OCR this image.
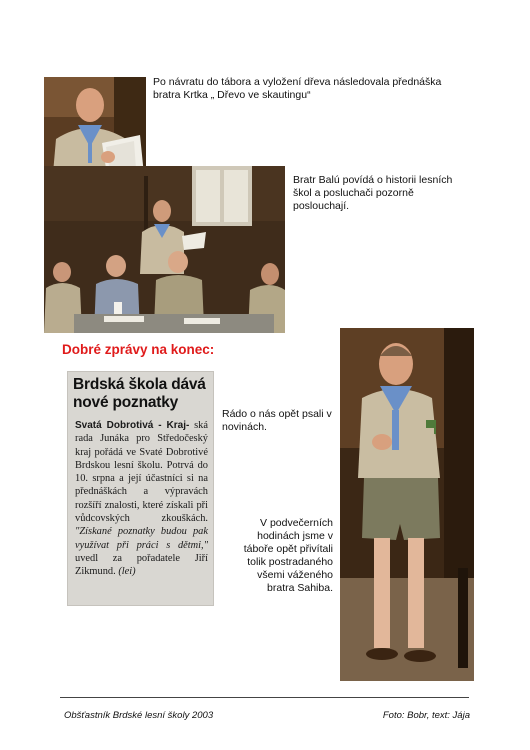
Po návratu do tábora a vyložení dřeva následovala přednáška bratra Krtka „ Dřevo ve skautingu“
Bratr Balú povídá o historii lesních škol a posluchači pozorně poslouchají.
Dobré zprávy na konec:
Brdská škola dává nové poznatky
Svatá Dobrotivá - Kraj- ská rada Junáka pro Středočeský kraj pořádá ve Svaté Dobrotivé Brdskou lesní školu. Potrvá do 10. srpna a její účastníci si na přednáškách a výpravách rozšíří znalosti, které získali při vůdcovských zkouškách. "Získané poznatky budou pak využívat při práci s dětmi," uvedl za pořadatele Jiří Zikmund. (lei)
Rádo o nás opět psali v novinách.
V podvečerních hodinách jsme v táboře opět přivítali tolik postradaného všemi váženého bratra Sahiba.
Obšťastník Brdské lesní školy 2003	Foto: Bobr, text: Jája
